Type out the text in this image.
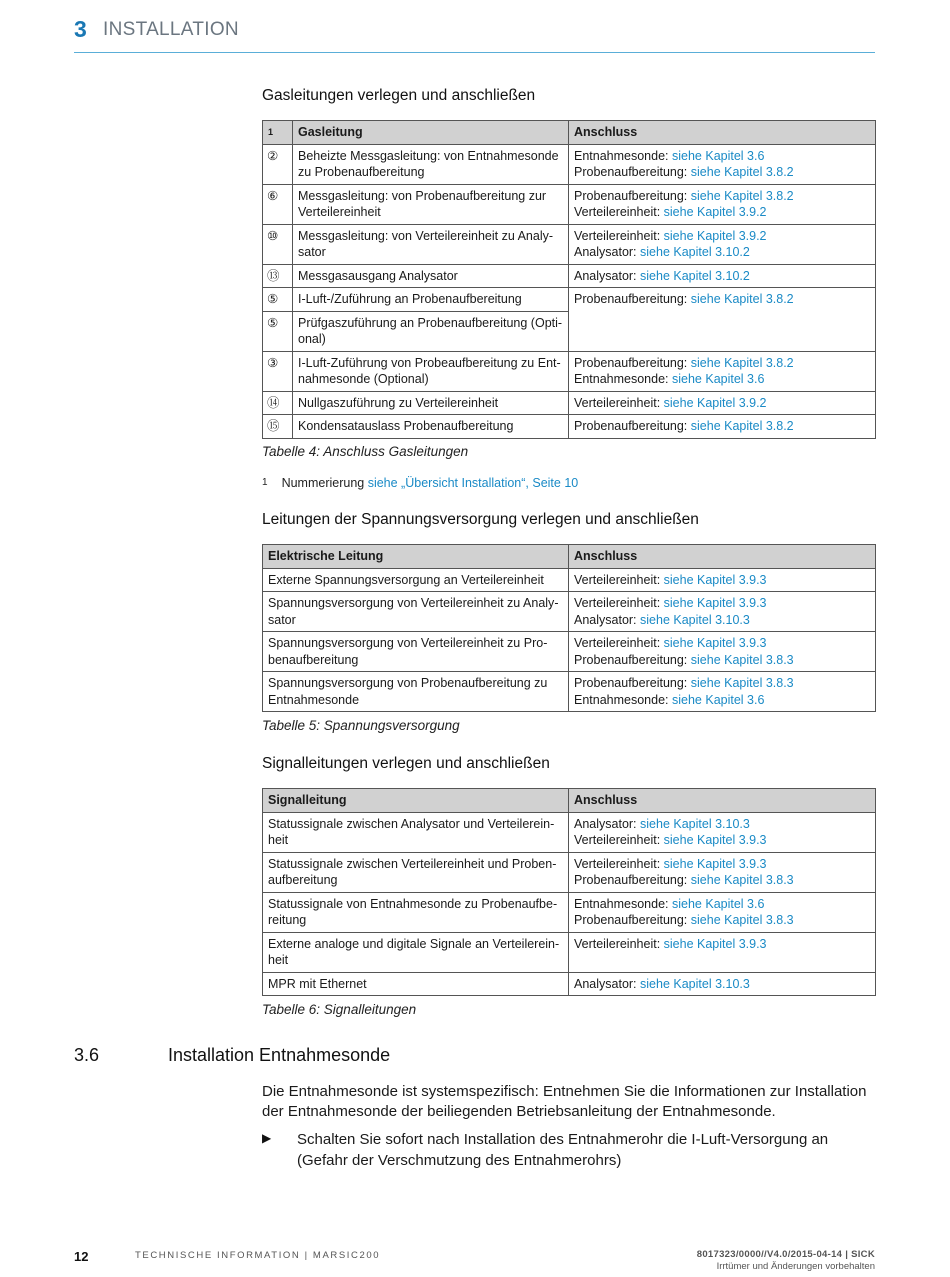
3 INSTALLATION
Gasleitungen verlegen und anschließen
1	Gasleitung	Anschluss
②	Beheizte Messgasleitung: von Entnahmesonde zu Probenaufbereitung	Entnahmesonde: siehe Kapitel 3.6
Probenaufbereitung: siehe Kapitel 3.8.2
⑥	Messgasleitung: von Probenaufbereitung zur Verteilereinheit	Probenaufbereitung: siehe Kapitel 3.8.2
Verteilereinheit: siehe Kapitel 3.9.2
⑩	Messgasleitung: von Verteilereinheit zu Analysator	Verteilereinheit: siehe Kapitel 3.9.2
Analysator: siehe Kapitel 3.10.2
⑬	Messgasausgang Analysator	Analysator: siehe Kapitel 3.10.2
⑤	I-Luft-/Zuführung an Probenaufbereitung	Probenaufbereitung: siehe Kapitel 3.8.2
⑤	Prüfgaszuführung an Probenaufbereitung (Optional)	
③	I-Luft-Zuführung von Probeaufbereitung zu Entnahmesonde (Optional)	Probenaufbereitung: siehe Kapitel 3.8.2
Entnahmesonde: siehe Kapitel 3.6
⑭	Nullgaszuführung zu Verteilereinheit	Verteilereinheit: siehe Kapitel 3.9.2
⑮	Kondensatauslass Probenaufbereitung	Probenaufbereitung: siehe Kapitel 3.8.2
Tabelle 4: Anschluss Gasleitungen
1 Nummerierung siehe „Übersicht Installation“, Seite 10
Leitungen der Spannungsversorgung verlegen und anschließen
Elektrische Leitung	Anschluss
Externe Spannungsversorgung an Verteilereinheit	Verteilereinheit: siehe Kapitel 3.9.3
Spannungsversorgung von Verteilereinheit zu Analysator	Verteilereinheit: siehe Kapitel 3.9.3
Analysator: siehe Kapitel 3.10.3
Spannungsversorgung von Verteilereinheit zu Probenaufbereitung	Verteilereinheit: siehe Kapitel 3.9.3
Probenaufbereitung: siehe Kapitel 3.8.3
Spannungsversorgung von Probenaufbereitung zu Entnahmesonde	Probenaufbereitung: siehe Kapitel 3.8.3
Entnahmesonde: siehe Kapitel 3.6
Tabelle 5: Spannungsversorgung
Signalleitungen verlegen und anschließen
Signalleitung	Anschluss
Statussignale zwischen Analysator und Verteilereinheit	Analysator: siehe Kapitel 3.10.3
Verteilereinheit: siehe Kapitel 3.9.3
Statussignale zwischen Verteilereinheit und Probenaufbereitung	Verteilereinheit: siehe Kapitel 3.9.3
Probenaufbereitung: siehe Kapitel 3.8.3
Statussignale von Entnahmesonde zu Probenaufbereitung	Entnahmesonde: siehe Kapitel 3.6
Probenaufbereitung: siehe Kapitel 3.8.3
Externe analoge und digitale Signale an Verteilereinheit	Verteilereinheit: siehe Kapitel 3.9.3
MPR mit Ethernet	Analysator: siehe Kapitel 3.10.3
Tabelle 6: Signalleitungen
3.6	Installation Entnahmesonde
Die Entnahmesonde ist systemspezifisch: Entnehmen Sie die Informationen zur Installation der Entnahmesonde der beiliegenden Betriebsanleitung der Entnahmesonde.
▶ Schalten Sie sofort nach Installation des Entnahmerohr die I-Luft-Versorgung an (Gefahr der Verschmutzung des Entnahmerohrs)
12	TECHNISCHE INFORMATION | MARSIC200	8017323/0000//V4.0/2015-04-14 | SICK
Irrtümer und Änderungen vorbehalten
